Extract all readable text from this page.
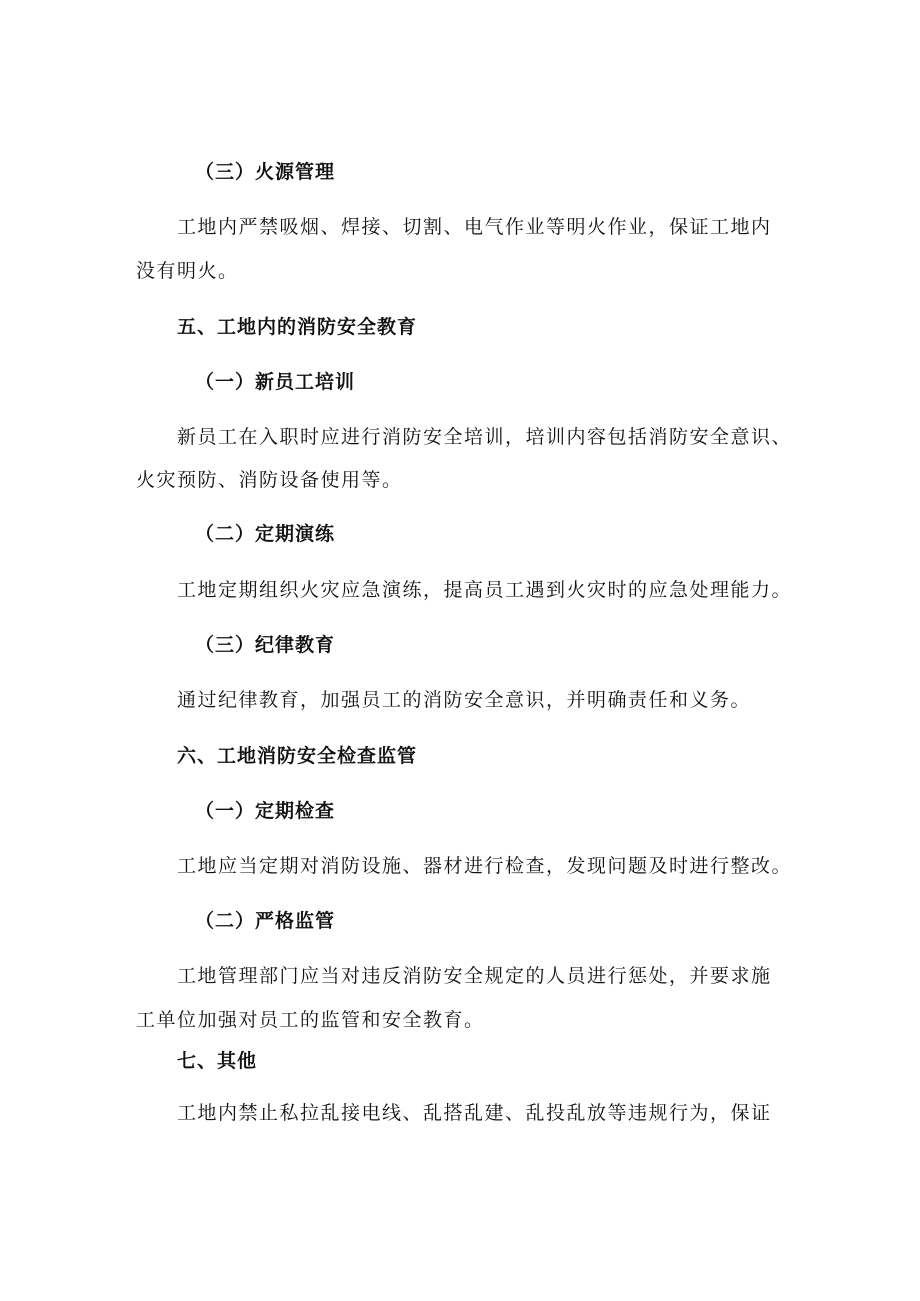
（三）火源管理
工地内严禁吸烟、焊接、切割、电气作业等明火作业，保证工地内
没有明火。
五、工地内的消防安全教育
（一）新员工培训
新员工在入职时应进行消防安全培训，培训内容包括消防安全意识、
火灾预防、消防设备使用等。
（二）定期演练
工地定期组织火灾应急演练，提高员工遇到火灾时的应急处理能力。
（三）纪律教育
通过纪律教育，加强员工的消防安全意识，并明确责任和义务。
六、工地消防安全检查监管
（一）定期检查
工地应当定期对消防设施、器材进行检查，发现问题及时进行整改。
（二）严格监管
工地管理部门应当对违反消防安全规定的人员进行惩处，并要求施
工单位加强对员工的监管和安全教育。
七、其他
工地内禁止私拉乱接电线、乱搭乱建、乱投乱放等违规行为，保证
